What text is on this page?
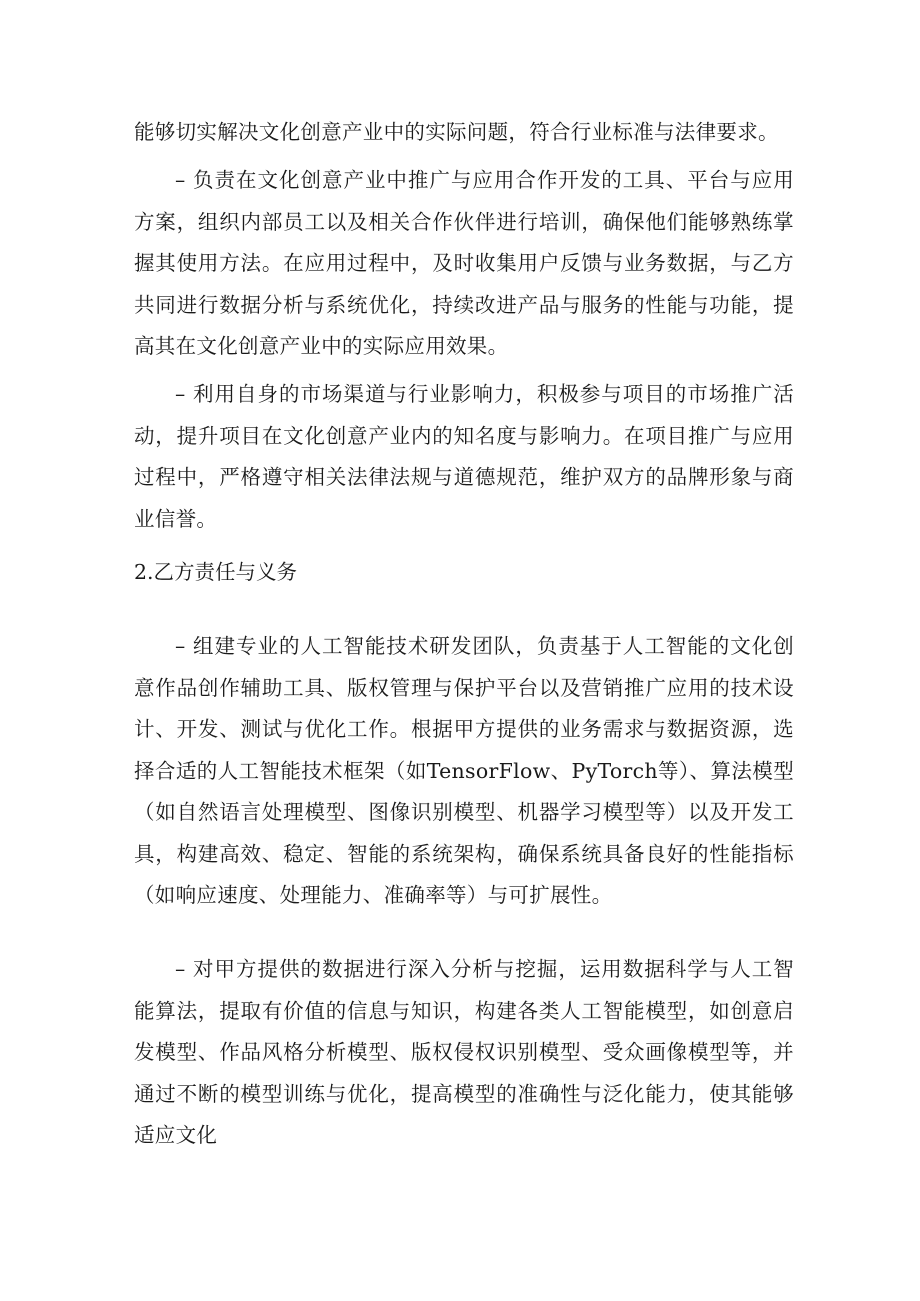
能够切实解决文化创意产业中的实际问题，符合行业标准与法律要求。

– 负责在文化创意产业中推广与应用合作开发的工具、平台与应用方案，组织内部员工以及相关合作伙伴进行培训，确保他们能够熟练掌握其使用方法。在应用过程中，及时收集用户反馈与业务数据，与乙方共同进行数据分析与系统优化，持续改进产品与服务的性能与功能，提高其在文化创意产业中的实际应用效果。

– 利用自身的市场渠道与行业影响力，积极参与项目的市场推广活动，提升项目在文化创意产业内的知名度与影响力。在项目推广与应用过程中，严格遵守相关法律法规与道德规范，维护双方的品牌形象与商业信誉。

2.乙方责任与义务

– 组建专业的人工智能技术研发团队，负责基于人工智能的文化创意作品创作辅助工具、版权管理与保护平台以及营销推广应用的技术设计、开发、测试与优化工作。根据甲方提供的业务需求与数据资源，选择合适的人工智能技术框架（如TensorFlow、PyTorch等）、算法模型（如自然语言处理模型、图像识别模型、机器学习模型等）以及开发工具，构建高效、稳定、智能的系统架构，确保系统具备良好的性能指标（如响应速度、处理能力、准确率等）与可扩展性。

– 对甲方提供的数据进行深入分析与挖掘，运用数据科学与人工智能算法，提取有价值的信息与知识，构建各类人工智能模型，如创意启发模型、作品风格分析模型、版权侵权识别模型、受众画像模型等，并通过不断的模型训练与优化，提高模型的准确性与泛化能力，使其能够适应文化
